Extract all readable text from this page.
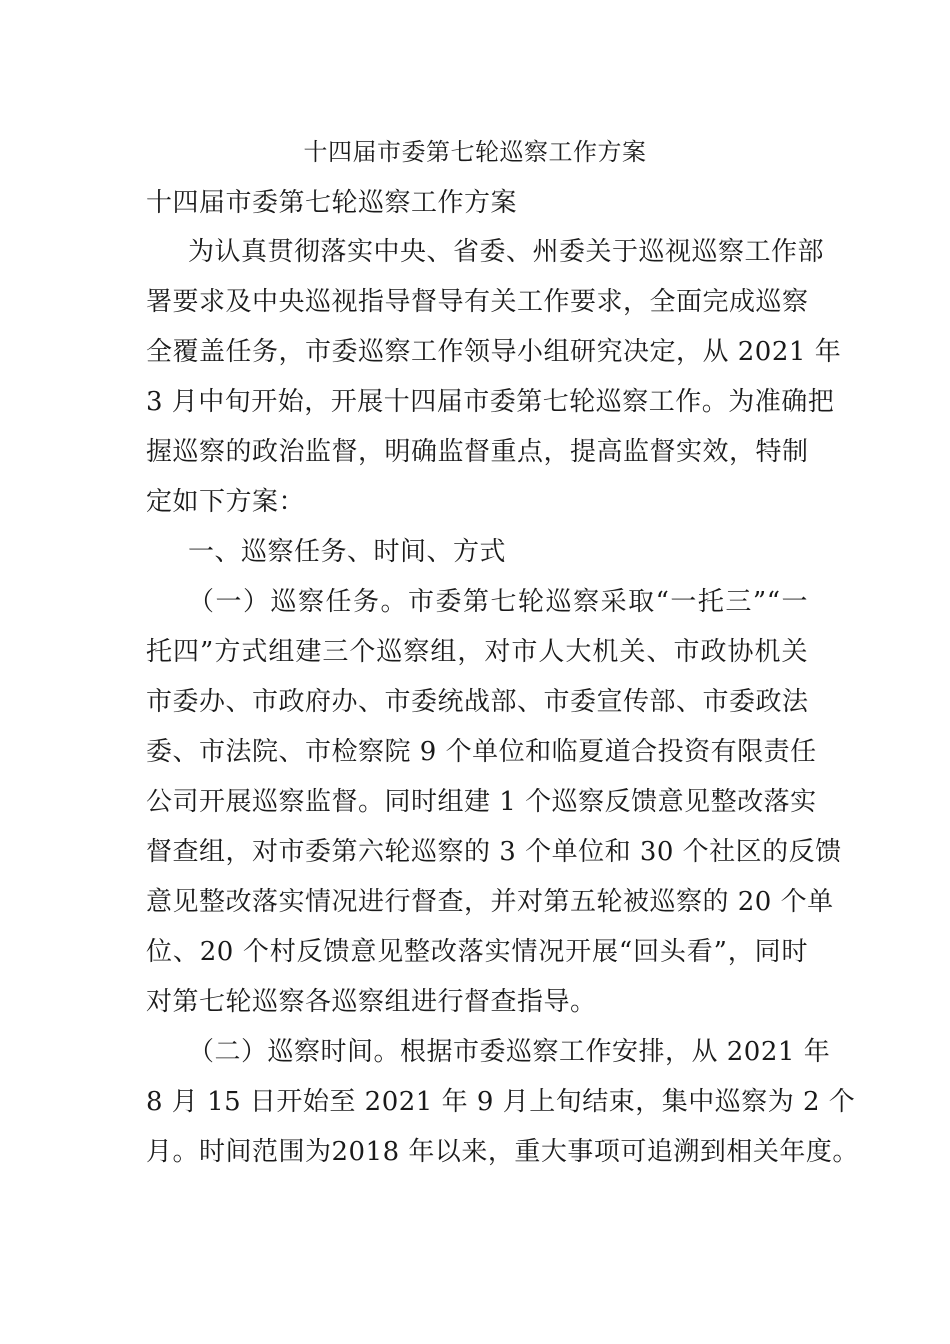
十四届市委第七轮巡察工作方案
十四届市委第七轮巡察工作方案
为认真贯彻落实中央、省委、州委关于巡视巡察工作部
署要求及中央巡视指导督导有关工作要求，全面完成巡察
全覆盖任务，市委巡察工作领导小组研究决定，从 2021 年
3 月中旬开始，开展十四届市委第七轮巡察工作。为准确把
握巡察的政治监督，明确监督重点，提高监督实效，特制
定如下方案：
一、巡察任务、时间、方式
（一）巡察任务。市委第七轮巡察采取“一托三”“一
托四”方式组建三个巡察组，对市人大机关、市政协机关
市委办、市政府办、市委统战部、市委宣传部、市委政法
委、市法院、市检察院 9 个单位和临夏道合投资有限责任
公司开展巡察监督。同时组建 1 个巡察反馈意见整改落实
督查组，对市委第六轮巡察的 3 个单位和 30 个社区的反馈
意见整改落实情况进行督查，并对第五轮被巡察的 20 个单
位、20 个村反馈意见整改落实情况开展“回头看”，同时
对第七轮巡察各巡察组进行督查指导。
（二）巡察时间。根据市委巡察工作安排，从 2021 年
8 月 15 日开始至 2021 年 9 月上旬结束，集中巡察为 2 个
月。时间范围为2018 年以来，重大事项可追溯到相关年度。
